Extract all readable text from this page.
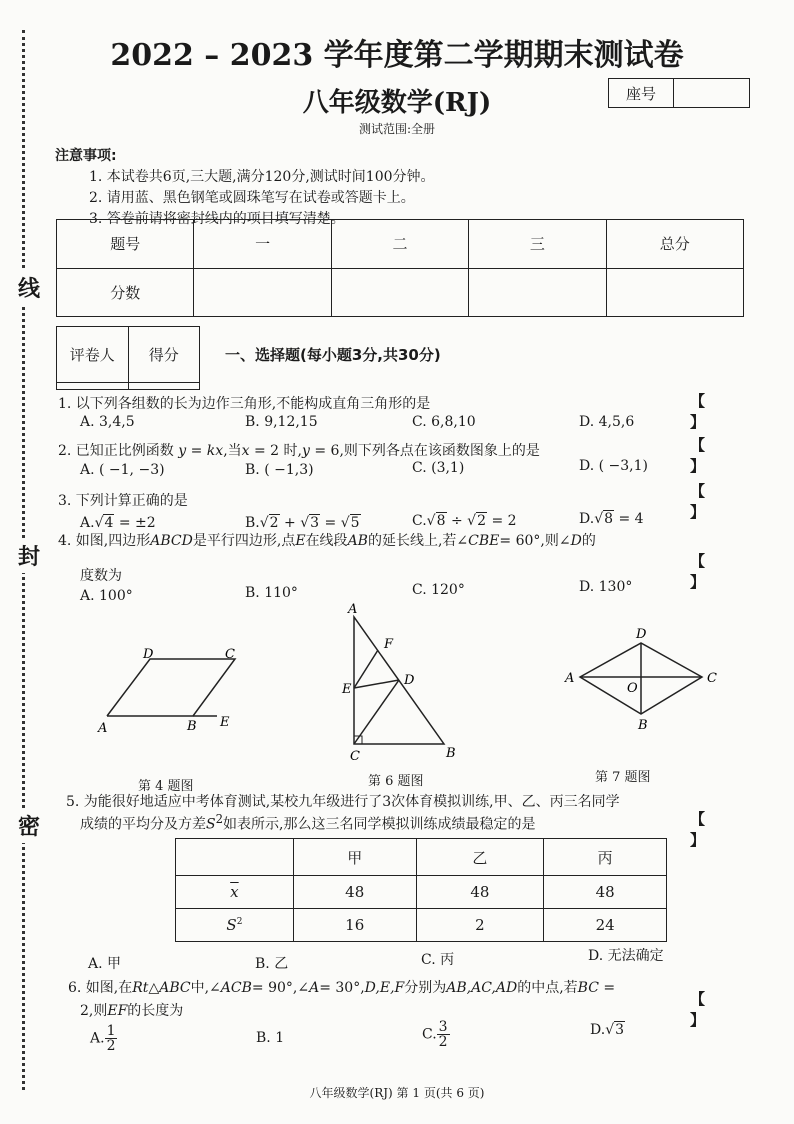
线
封
密
2022 – 2023 学年度第二学期期末测试卷
八年级数学(RJ)
测试范围:全册
座号
注意事项:
1. 本试卷共6页,三大题,满分120分,测试时间100分钟。
2. 请用蓝、黑色钢笔或圆珠笔写在试卷或答题卡上。
3. 答卷前请将密封线内的项目填写清楚。
题号	一	二	三	总分
分数				
评卷人	得分
		一、选择题(每小题3分,共30分)
1. 以下列各组数的长为边作三角形,不能构成直角三角形的是	【 】
A. 3,4,5	B. 9,12,15	C. 6,8,10	D. 4,5,6
2. 已知正比例函数 y = kx,当x = 2 时,y = 6,则下列各点在该函数图象上的是	【 】
A. ( −1, −3)	B. ( −1,3)	C. (3,1)	D. ( −3,1)
3. 下列计算正确的是
【 】
A.√4 = ±2	B.√2 + √3 = √5	C.√8 ÷ √2 = 2	D.√8 = 4
4. 如图,四边形ABCD是平行四边形,点E在线段AB的延长线上,若∠CBE= 60°,则∠D的
度数为
【 】
A. 100°	B. 110°	C. 120°	D. 130°
A	B
C
D
E
第 4 题图
A
B
C
D
E
F
第 6 题图
A
B
C
D
O
第 7 题图
5. 为能很好地适应中考体育测试,某校九年级进行了3次体育模拟训练,甲、乙、丙三名同学
成绩的平均分及方差$S^2$如表所示,那么这三名同学模拟训练成绩最稳定的是	【 】
	甲	乙	丙
$\overline{x}$	48	48	48
$S^2$	16	2	24
A. 甲	B. 乙	C. 丙	D. 无法确定
6. 如图,在Rt△ABC中,∠ACB= 90°,∠A= 30°,D,E,F分别为AB,AC,AD的中点,若BC =
2,则EF的长度为
【 】
A. $\frac{1}{2}$	B. 1	C. $\frac{3}{2}$	D.√3
八年级数学(RJ) 第 1 页(共 6 页)
